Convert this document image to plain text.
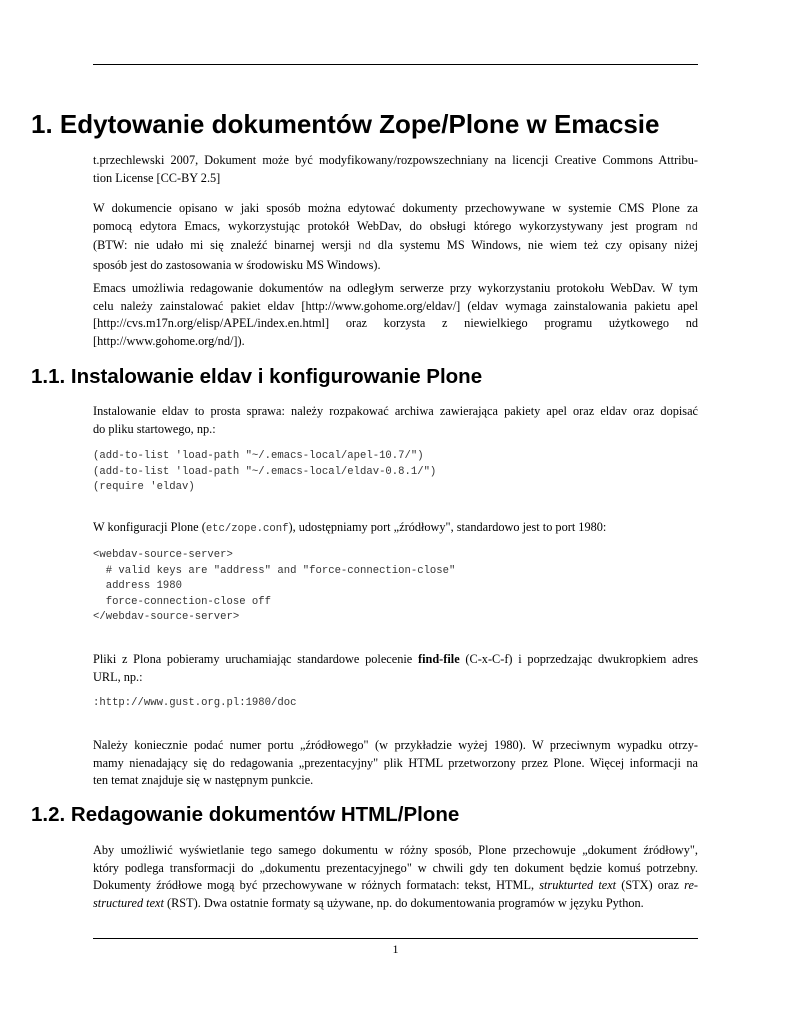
1. Edytowanie dokumentów Zope/Plone w Emacsie
t.przechlewski 2007, Dokument może być modyfikowany/rozpowszechniany na licencji Creative Commons Attribu-
tion License [CC-BY 2.5]
W dokumencie opisano w jaki sposób można edytować dokumenty przechowywane w systemie CMS Plone za
pomocą edytora Emacs, wykorzystując protokół WebDav, do obsługi którego wykorzystywany jest program nd
(BTW: nie udało mi się znaleźć binarnej wersji nd dla systemu MS Windows, nie wiem też czy opisany niżej
sposób jest do zastosowania w środowisku MS Windows).
Emacs umożliwia redagowanie dokumentów na odległym serwerze przy wykorzystaniu protokołu WebDav. W tym
celu należy zainstalować pakiet eldav [http://www.gohome.org/eldav/] (eldav wymaga zainstalowania pakietu apel
[http://cvs.m17n.org/elisp/APEL/index.en.html] oraz korzysta z niewielkiego programu użytkowego nd
[http://www.gohome.org/nd/]).
1.1. Instalowanie eldav i konfigurowanie Plone
Instalowanie eldav to prosta sprawa: należy rozpakować archiwa zawierająca pakiety apel oraz eldav oraz dopisać
do pliku startowego, np.:
(add-to-list 'load-path "~/.emacs-local/apel-10.7/")
(add-to-list 'load-path "~/.emacs-local/eldav-0.8.1/")
(require 'eldav)
W konfiguracji Plone (etc/zope.conf), udostępniamy port „źródłowy", standardowo jest to port 1980:
<webdav-source-server>
# valid keys are "address" and "force-connection-close"
address 1980
force-connection-close off
</webdav-source-server>
Pliki z Plona pobieramy uruchamiając standardowe polecenie find-file (C-x-C-f) i poprzedzając dwukropkiem adres
URL, np.:
:http://www.gust.org.pl:1980/doc
Należy koniecznie podać numer portu „źródłowego" (w przykładzie wyżej 1980). W przeciwnym wypadku otrzy-
mamy nienadający się do redagowania „prezentacyjny" plik HTML przetworzony przez Plone. Więcej informacji na
ten temat znajduje się w następnym punkcie.
1.2. Redagowanie dokumentów HTML/Plone
Aby umożliwić wyświetlanie tego samego dokumentu w różny sposób, Plone przechowuje „dokument źródłowy",
który podlega transformacji do „dokumentu prezentacyjnego" w chwili gdy ten dokument będzie komuś potrzebny.
Dokumenty źródłowe mogą być przechowywane w różnych formatach: tekst, HTML, strukturted text (STX) oraz re-
structured text (RST). Dwa ostatnie formaty są używane, np. do dokumentowania programów w języku Python.
1
